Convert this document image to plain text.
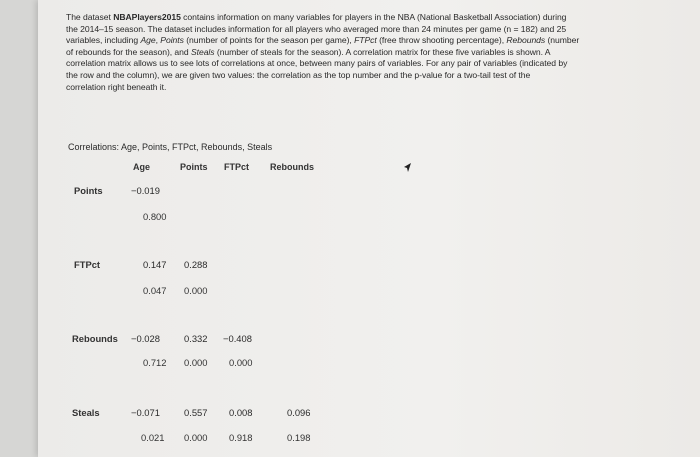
The dataset NBAPlayers2015 contains information on many variables for players in the NBA (National Basketball Association) during
the 2014–15 season. The dataset includes information for all players who averaged more than 24 minutes per game (n = 182) and 25
variables, including Age, Points (number of points for the season per game), FTPct (free throw shooting percentage), Rebounds (number
of rebounds for the season), and Steals (number of steals for the season). A correlation matrix for these five variables is shown. A
correlation matrix allows us to see lots of correlations at once, between many pairs of variables. For any pair of variables (indicated by
the row and the column), we are given two values: the correlation as the top number and the p-value for a two-tail test of the
correlation right beneath it.
Correlations: Age, Points, FTPct, Rebounds, Steals
Age	Points FTPct Rebounds
Points	−0.019
0.800
FTPct	0.147 0.288
0.047 0.000
Rebounds −0.028	0.332 −0.408
0.712 0.000 0.000
Steals	−0.071	0.557 0.008	0.096
0.021 0.000 0.918	0.198
